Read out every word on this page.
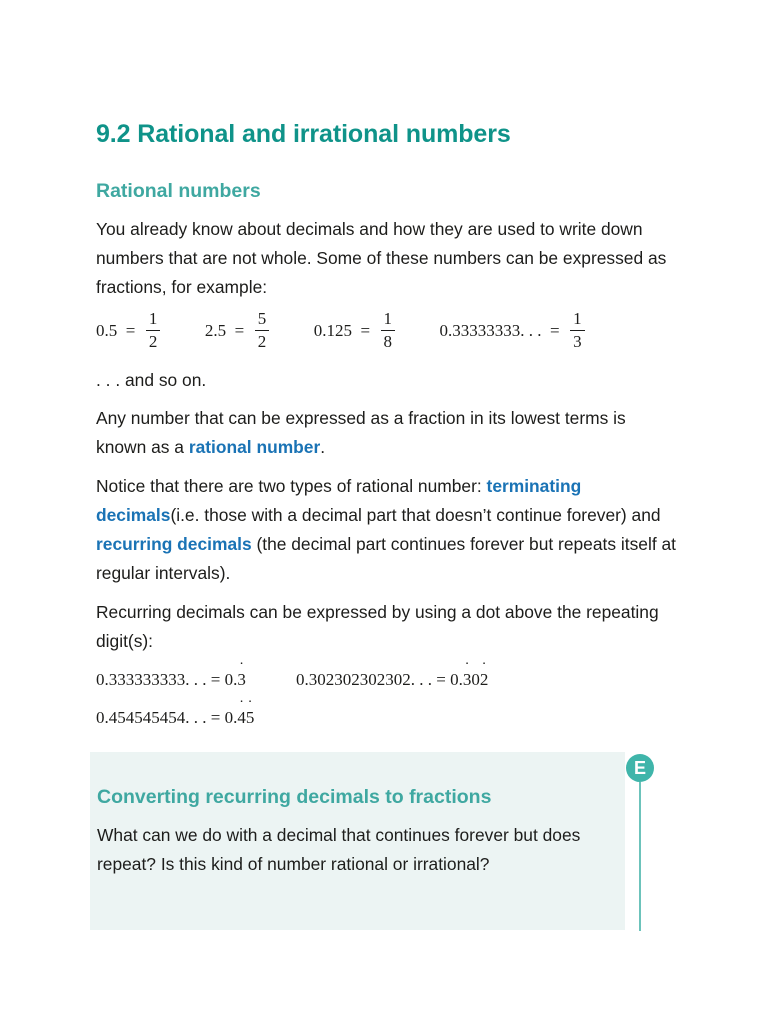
9.2 Rational and irrational numbers
Rational numbers

You already know about decimals and how they are used to write down numbers that are not whole. Some of these numbers can be expressed as fractions, for example:

$0.5 = \frac{1}{2}$	$2.5 = \frac{5}{2}$	$0.125 = \frac{1}{8}$	0.33333333. . .  = $\frac{1}{3}$

. . . and so on.

Any number that can be expressed as a fraction in its lowest terms is known as a rational number.

Notice that there are two types of rational number: terminating decimals(i.e. those with a decimal part that doesn’t continue forever) and recurring decimals (the decimal part continues forever but repeats itself at regular intervals).

Recurring decimals can be expressed by using a dot above the repeating digit(s):

0.333333333. . . = 0.˙ 3	0.302302302302. . . = 0.˙ 30˙ 2
0.454545454. . . = 0.˙ 4˙ 5
Converting recurring decimals to fractions

What can we do with a decimal that continues forever but does repeat? Is this kind of number rational or irrational?

E
